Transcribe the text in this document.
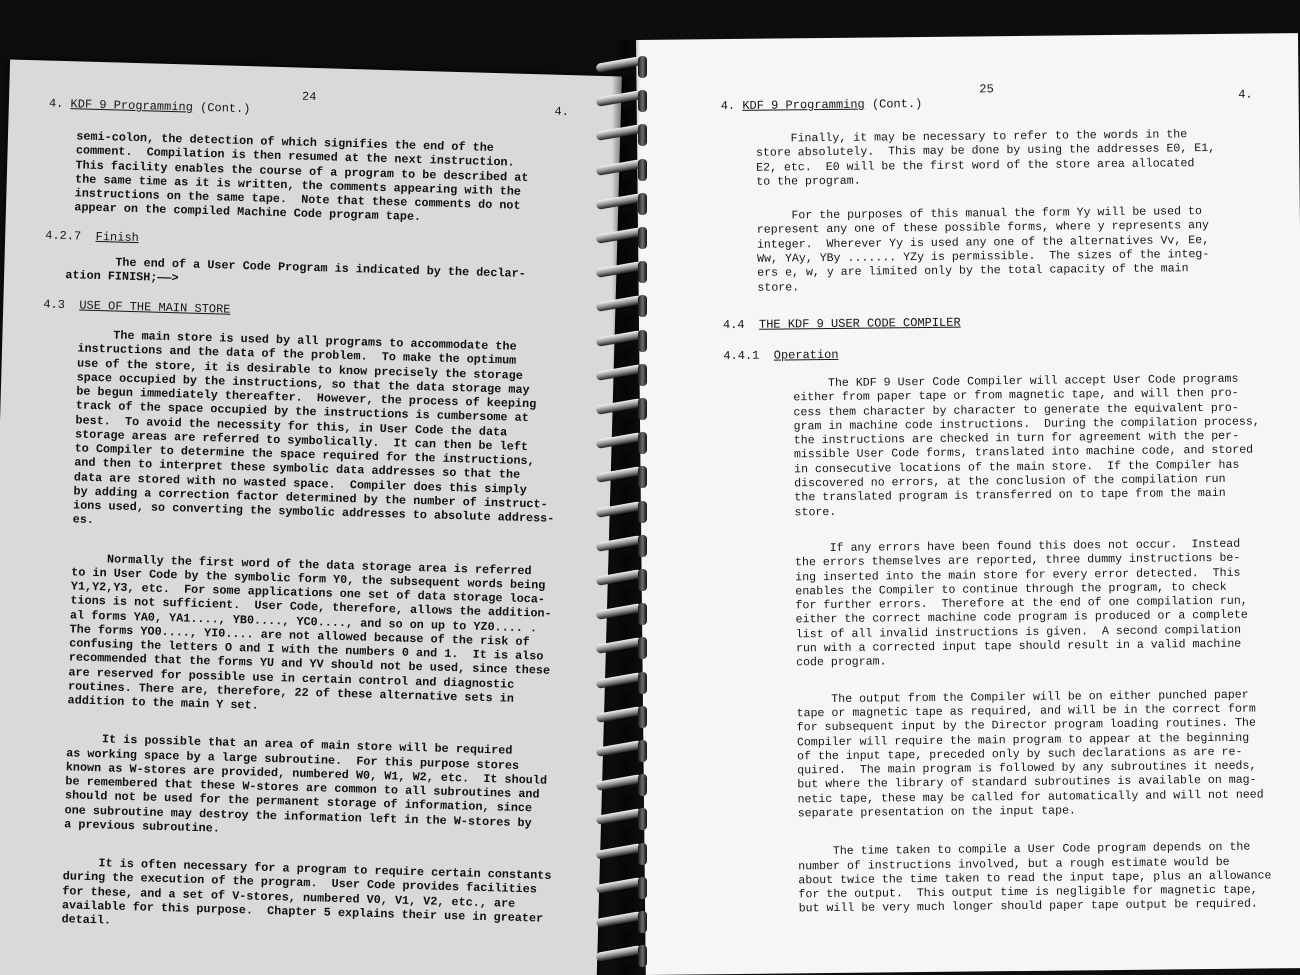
24
4. KDF 9 Programming (Cont.)	4.
semi-colon, the detection of which signifies the end of the
comment.  Compilation is then resumed at the next instruction.
This facility enables the course of a program to be described at
the same time as it is written, the comments appearing with the
instructions on the same tape.  Note that these comments do not
appear on the compiled Machine Code program tape.
4.2.7 Finish
The end of a User Code Program is indicated by the declar-
ation FINISH;——>
4.3 USE OF THE MAIN STORE
The main store is used by all programs to accommodate the
instructions and the data of the problem.  To make the optimum
use of the store, it is desirable to know precisely the storage
space occupied by the instructions, so that the data storage may
be begun immediately thereafter.  However, the process of keeping
track of the space occupied by the instructions is cumbersome at
best.  To avoid the necessity for this, in User Code the data
storage areas are referred to symbolically.  It can then be left
to Compiler to determine the space required for the instructions,
and then to interpret these symbolic data addresses so that the
data are stored with no wasted space.  Compiler does this simply
by adding a correction factor determined by the number of instruct-
ions used, so converting the symbolic addresses to absolute address-
es.
Normally the first word of the data storage area is referred
to in User Code by the symbolic form Y0, the subsequent words being
Y1,Y2,Y3, etc.  For some applications one set of data storage loca-
tions is not sufficient.  User Code, therefore, allows the addition-
al forms YA0, YA1...., YB0...., YC0...., and so on up to YZ0.... .
The forms YO0...., YI0.... are not allowed because of the risk of
confusing the letters O and I with the numbers 0 and 1.  It is also
recommended that the forms YU and YV should not be used, since these
are reserved for possible use in certain control and diagnostic
routines. There are, therefore, 22 of these alternative sets in
addition to the main Y set.
It is possible that an area of main store will be required
as working space by a large subroutine.  For this purpose stores
known as W-stores are provided, numbered W0, W1, W2, etc.  It should
be remembered that these W-stores are common to all subroutines and
should not be used for the permanent storage of information, since
one subroutine may destroy the information left in the W-stores by
a previous subroutine.
It is often necessary for a program to require certain constants
during the execution of the program.  User Code provides facilities
for these, and a set of V-stores, numbered V0, V1, V2, etc., are
available for this purpose.  Chapter 5 explains their use in greater
detail.
25
4. KDF 9 Programming (Cont.)
4.
Finally, it may be necessary to refer to the words in the
store absolutely.  This may be done by using the addresses E0, E1,
E2, etc.  E0 will be the first word of the store area allocated
to the program.
For the purposes of this manual the form Yy will be used to
represent any one of these possible forms, where y represents any
integer.  Wherever Yy is used any one of the alternatives Vv, Ee,
Ww, YAy, YBy ....... YZy is permissible.  The sizes of the integ-
ers e, w, y are limited only by the total capacity of the main
store.
4.4 THE KDF 9 USER CODE COMPILER
4.4.1 Operation
The KDF 9 User Code Compiler will accept User Code programs
either from paper tape or from magnetic tape, and will then pro-
cess them character by character to generate the equivalent pro-
gram in machine code instructions.  During the compilation process,
the instructions are checked in turn for agreement with the per-
missible User Code forms, translated into machine code, and stored
in consecutive locations of the main store.  If the Compiler has
discovered no errors, at the conclusion of the compilation run
the translated program is transferred on to tape from the main
store.
If any errors have been found this does not occur.  Instead
the errors themselves are reported, three dummy instructions be-
ing inserted into the main store for every error detected.  This
enables the Compiler to continue through the program, to check
for further errors.  Therefore at the end of one compilation run,
either the correct machine code program is produced or a complete
list of all invalid instructions is given.  A second compilation
run with a corrected input tape should result in a valid machine
code program.
The output from the Compiler will be on either punched paper
tape or magnetic tape as required, and will be in the correct form
for subsequent input by the Director program loading routines. The
Compiler will require the main program to appear at the beginning
of the input tape, preceded only by such declarations as are re-
quired.  The main program is followed by any subroutines it needs,
but where the library of standard subroutines is available on mag-
netic tape, these may be called for automatically and will not need
separate presentation on the input tape.
The time taken to compile a User Code program depends on the
number of instructions involved, but a rough estimate would be
about twice the time taken to read the input tape, plus an allowance
for the output.  This output time is negligible for magnetic tape,
but will be very much longer should paper tape output be required.
